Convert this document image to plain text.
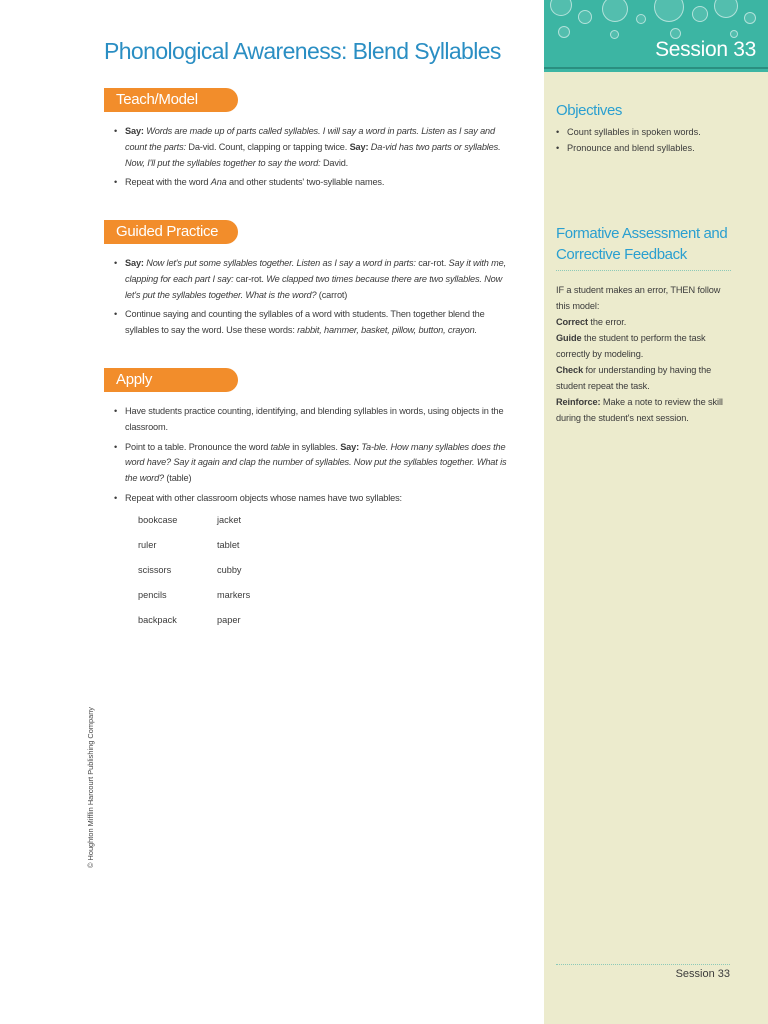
Session 33
Phonological Awareness: Blend Syllables
Teach/Model
• Say: Words are made up of parts called syllables. I will say a word in parts. Listen as I say and count the parts: Da-vid. Count, clapping or tapping twice. Say: Da-vid has two parts or syllables. Now, I'll put the syllables together to say the word: David.
• Repeat with the word Ana and other students' two-syllable names.
Guided Practice
• Say: Now let's put some syllables together. Listen as I say a word in parts: car-rot. Say it with me, clapping for each part I say: car-rot. We clapped two times because there are two syllables. Now let's put the syllables together. What is the word? (carrot)
• Continue saying and counting the syllables of a word with students. Then together blend the syllables to say the word. Use these words: rabbit, hammer, basket, pillow, button, crayon.
Apply
• Have students practice counting, identifying, and blending syllables in words, using objects in the classroom.
• Point to a table. Pronounce the word table in syllables. Say: Ta-ble. How many syllables does the word have? Say it again and clap the number of syllables. Now put the syllables together. What is the word? (table)
• Repeat with other classroom objects whose names have two syllables:
bookcase	jacket
ruler	tablet
scissors	cubby
pencils	markers
backpack	paper
Objectives
• Count syllables in spoken words.
• Pronounce and blend syllables.
Formative Assessment and Corrective Feedback

IF a student makes an error, THEN follow this model:

Correct the error.

Guide the student to perform the task correctly by modeling.

Check for understanding by having the student repeat the task.

Reinforce: Make a note to review the skill during the student's next session.

© Houghton Mifflin Harcourt Publishing Company
Session 33
